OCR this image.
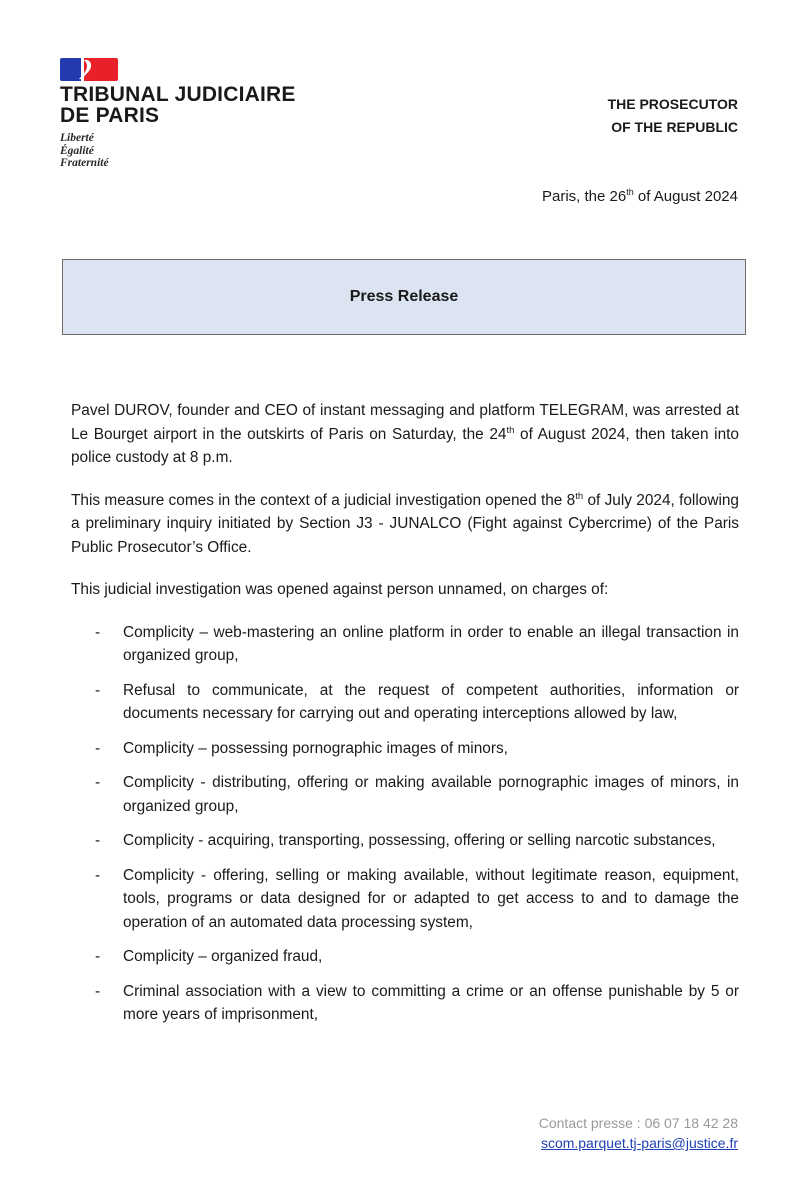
TRIBUNAL JUDICIAIRE
DE PARIS
Liberté
Égalité
Fraternité
THE PROSECUTOR
OF THE REPUBLIC
Paris, the 26th of August 2024
Press Release

Pavel DUROV, founder and CEO of instant messaging and platform TELEGRAM, was arrested at Le Bourget airport in the outskirts of Paris on Saturday, the 24th of August 2024, then taken into police custody at 8 p.m.

This measure comes in the context of a judicial investigation opened the 8th of July 2024, following a preliminary inquiry initiated by Section J3 - JUNALCO (Fight against Cybercrime) of the Paris Public Prosecutor’s Office.

This judicial investigation was opened against person unnamed, on charges of:

- Complicity – web-mastering an online platform in order to enable an illegal transaction in organized group,
- Refusal to communicate, at the request of competent authorities, information or documents necessary for carrying out and operating interceptions allowed by law,
- Complicity – possessing pornographic images of minors,
- Complicity - distributing, offering or making available pornographic images of minors, in organized group,
- Complicity - acquiring, transporting, possessing, offering or selling narcotic substances,
- Complicity - offering, selling or making available, without legitimate reason, equipment, tools, programs or data designed for or adapted to get access to and to damage the operation of an automated data processing system,
- Complicity – organized fraud,
- Criminal association with a view to committing a crime or an offense punishable by 5 or more years of imprisonment,
Contact presse : 06 07 18 42 28
scom.parquet.tj-paris@justice.fr
